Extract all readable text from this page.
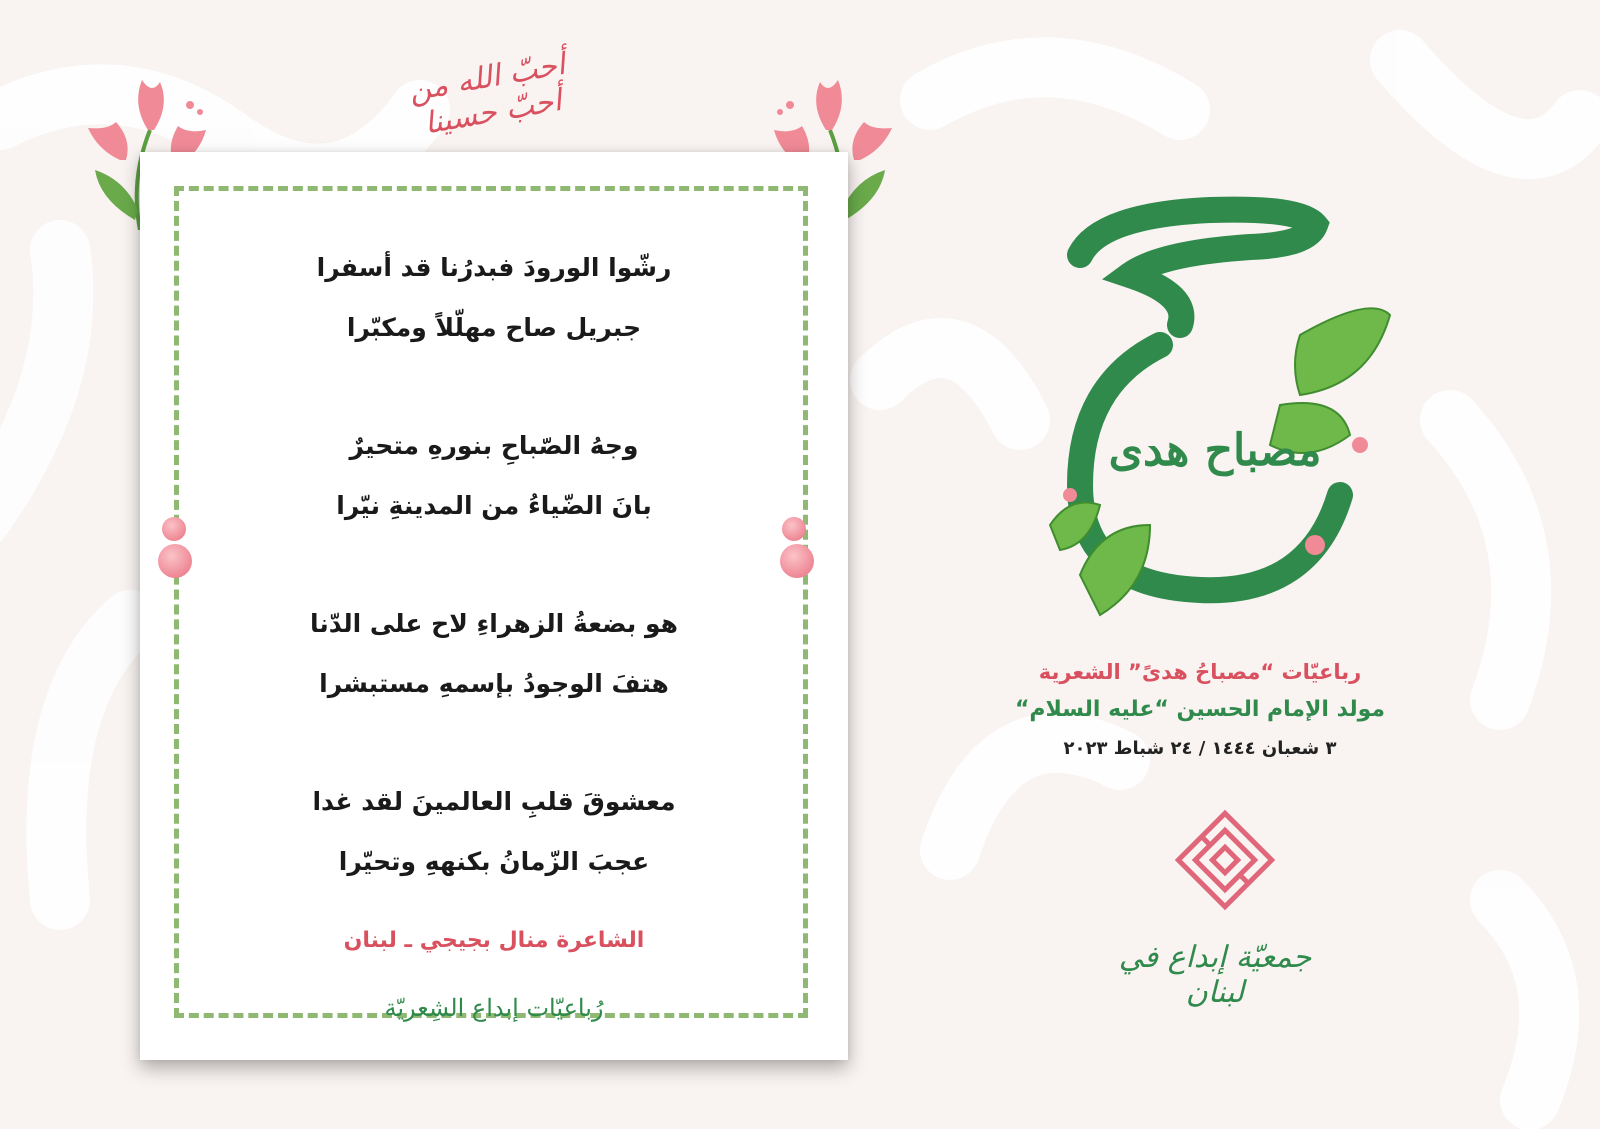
أحبّ الله من أحبّ حسينا
رشّوا الورودَ فبدرُنا قد أسفرا
جبريل صاح مهلّلاً ومكبّرا
وجهُ الصّباحِ بنورهِ متحيرٌ
بانَ الضّياءُ من المدينةِ نيّرا
هو بضعةُ الزهراءِ لاح على الدّنا
هتفَ الوجودُ بإسمهِ مستبشرا
معشوقَ قلبِ العالمينَ لقد غدا
عجبَ الزّمانُ بكنههِ وتحيّرا
الشاعرة منال بجيجي ـ لبنان
رُباعيّات إبداع الشِعريّة
مصباح هدى
رباعيّات “مصباحُ هدىً” الشعرية
مولد الإمام الحسين “عليه السلام“
٣ شعبان ١٤٤٤ / ٢٤ شباط ٢٠٢٣
جمعيّة إبداع في لبنان
